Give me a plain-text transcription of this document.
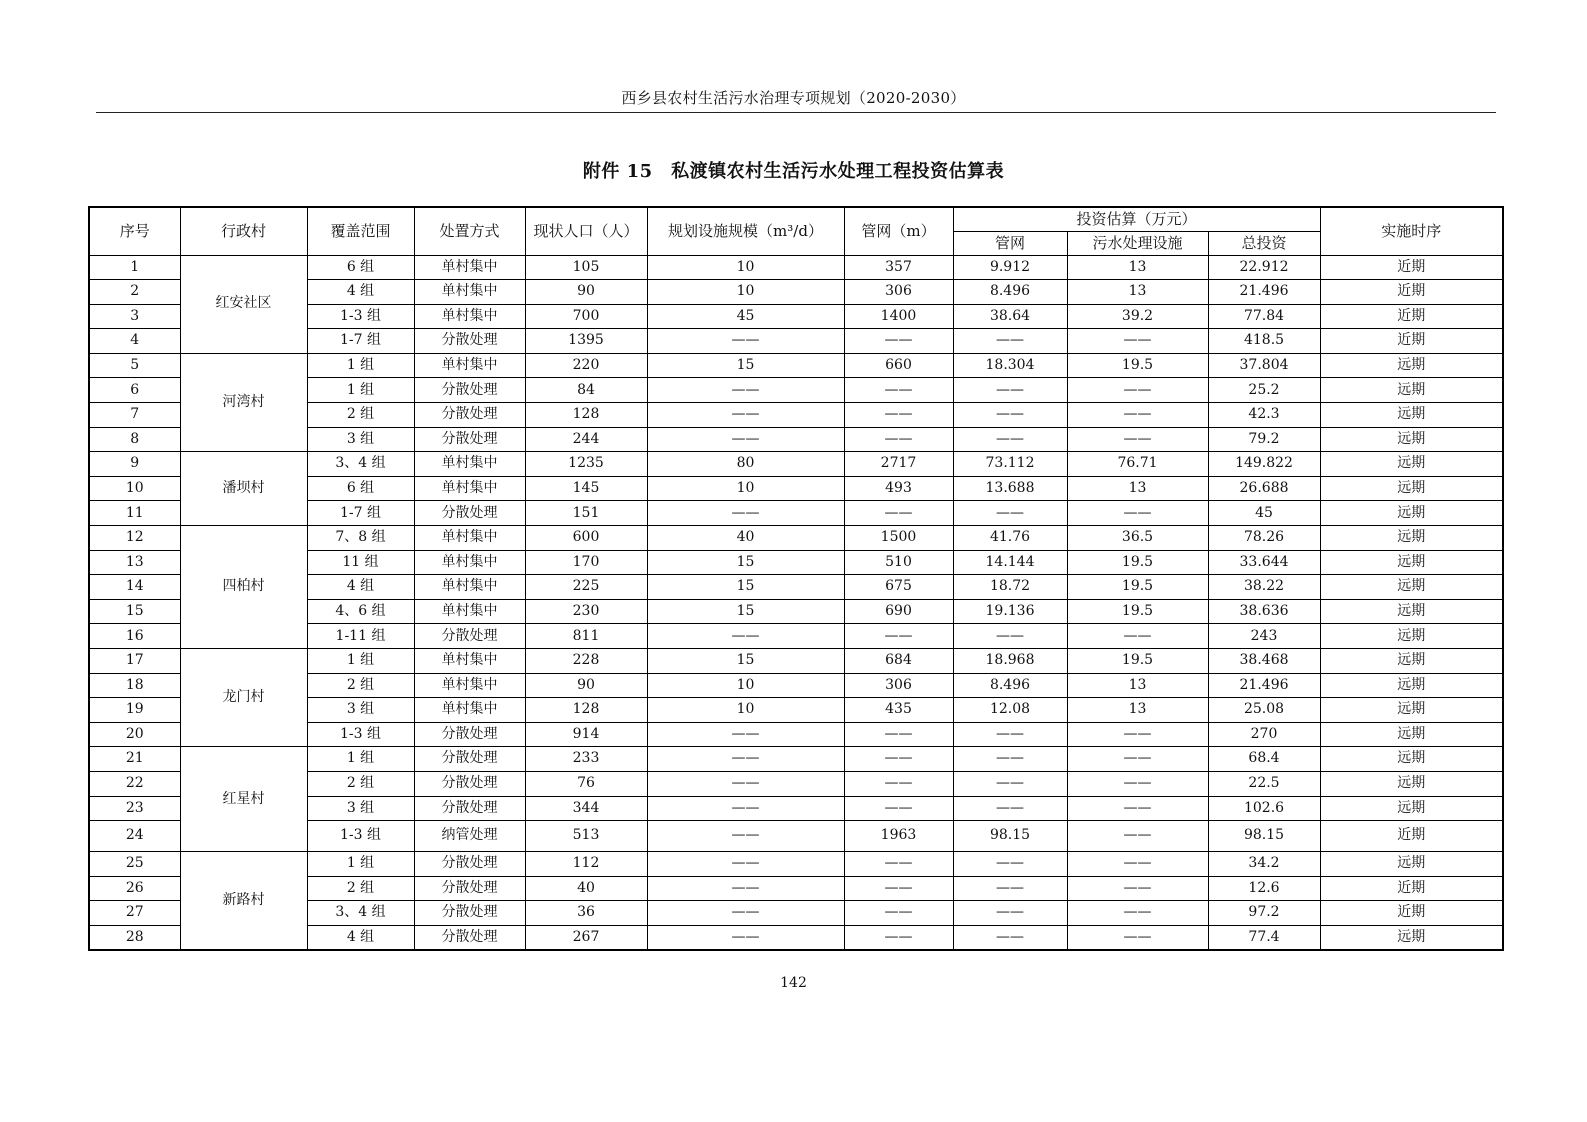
西乡县农村生活污水治理专项规划（2020-2030）
附件 15　私渡镇农村生活污水处理工程投资估算表
序号	行政村	覆盖范围	处置方式	现状人口（人）	规划设施规模（m³/d）	管网（m）	投资估算（万元）			实施时序
							管网	污水处理设施	总投资	
1	红安社区	6 组	单村集中	105	10	357	9.912	13	22.912	近期
2		4 组	单村集中	90	10	306	8.496	13	21.496	近期
3		1-3 组	单村集中	700	45	1400	38.64	39.2	77.84	近期
4		1-7 组	分散处理	1395	——	——	——	——	418.5	近期
5	河湾村	1 组	单村集中	220	15	660	18.304	19.5	37.804	远期
6		1 组	分散处理	84	——	——	——	——	25.2	远期
7		2 组	分散处理	128	——	——	——	——	42.3	远期
8		3 组	分散处理	244	——	——	——	——	79.2	远期
9	潘坝村	3、4 组	单村集中	1235	80	2717	73.112	76.71	149.822	远期
10		6 组	单村集中	145	10	493	13.688	13	26.688	远期
11		1-7 组	分散处理	151	——	——	——	——	45	远期
12	四柏村	7、8 组	单村集中	600	40	1500	41.76	36.5	78.26	远期
13		11 组	单村集中	170	15	510	14.144	19.5	33.644	远期
14		4 组	单村集中	225	15	675	18.72	19.5	38.22	远期
15		4、6 组	单村集中	230	15	690	19.136	19.5	38.636	远期
16		1-11 组	分散处理	811	——	——	——	——	243	远期
17	龙门村	1 组	单村集中	228	15	684	18.968	19.5	38.468	远期
18		2 组	单村集中	90	10	306	8.496	13	21.496	远期
19		3 组	单村集中	128	10	435	12.08	13	25.08	远期
20		1-3 组	分散处理	914	——	——	——	——	270	远期
21	红星村	1 组	分散处理	233	——	——	——	——	68.4	远期
22		2 组	分散处理	76	——	——	——	——	22.5	远期
23		3 组	分散处理	344	——	——	——	——	102.6	远期
24		1-3 组	纳管处理	513	——	1963	98.15	——	98.15	近期
25	新路村	1 组	分散处理	112	——	——	——	——	34.2	远期
26		2 组	分散处理	40	——	——	——	——	12.6	近期
27		3、4 组	分散处理	36	——	——	——	——	97.2	近期
28		4 组	分散处理	267	——	——	——	——	77.4	远期
142
